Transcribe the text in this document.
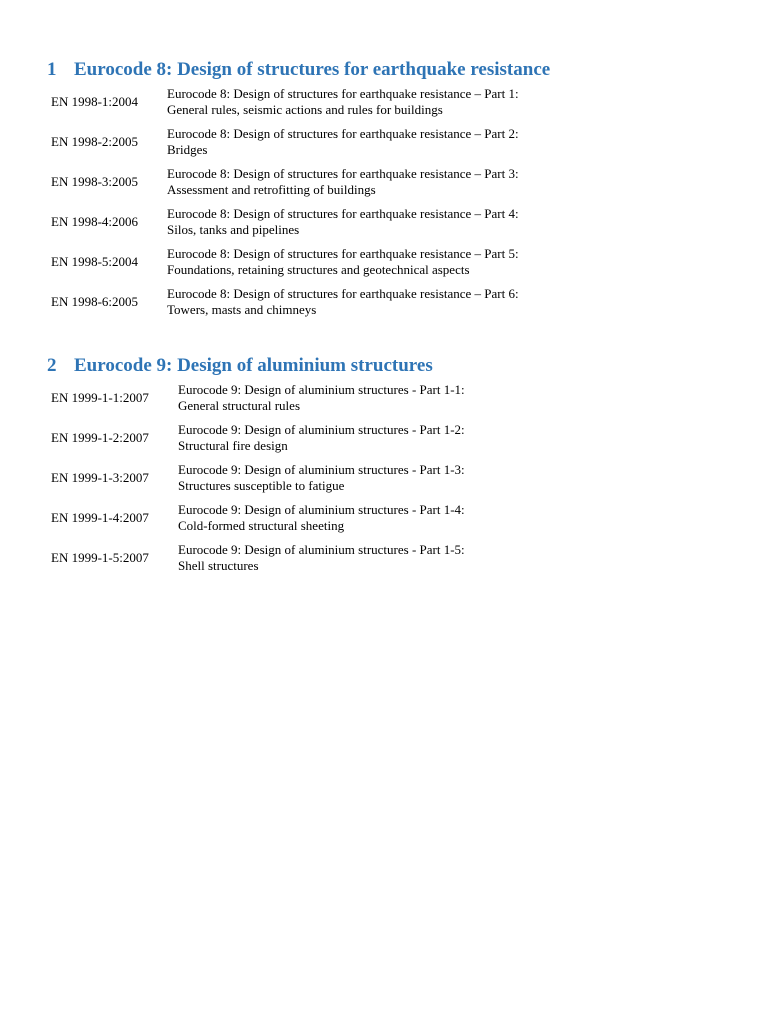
1 Eurocode 8: Design of structures for earthquake resistance
EN 1998-1:2004
Eurocode 8: Design of structures for earthquake resistance – Part 1:
General rules, seismic actions and rules for buildings
EN 1998-2:2005
Eurocode 8: Design of structures for earthquake resistance – Part 2:
Bridges
EN 1998-3:2005
Eurocode 8: Design of structures for earthquake resistance – Part 3:
Assessment and retrofitting of buildings
EN 1998-4:2006
Eurocode 8: Design of structures for earthquake resistance – Part 4:
Silos, tanks and pipelines
EN 1998-5:2004
Eurocode 8: Design of structures for earthquake resistance – Part 5:
Foundations, retaining structures and geotechnical aspects
EN 1998-6:2005
Eurocode 8: Design of structures for earthquake resistance – Part 6:
Towers, masts and chimneys
2 Eurocode 9: Design of aluminium structures
EN 1999-1-1:2007
Eurocode 9: Design of aluminium structures - Part 1-1:
General structural rules
EN 1999-1-2:2007
Eurocode 9: Design of aluminium structures - Part 1-2:
Structural fire design
EN 1999-1-3:2007
Eurocode 9: Design of aluminium structures - Part 1-3:
Structures susceptible to fatigue
EN 1999-1-4:2007
Eurocode 9: Design of aluminium structures - Part 1-4:
Cold-formed structural sheeting
EN 1999-1-5:2007
Eurocode 9: Design of aluminium structures - Part 1-5:
Shell structures
